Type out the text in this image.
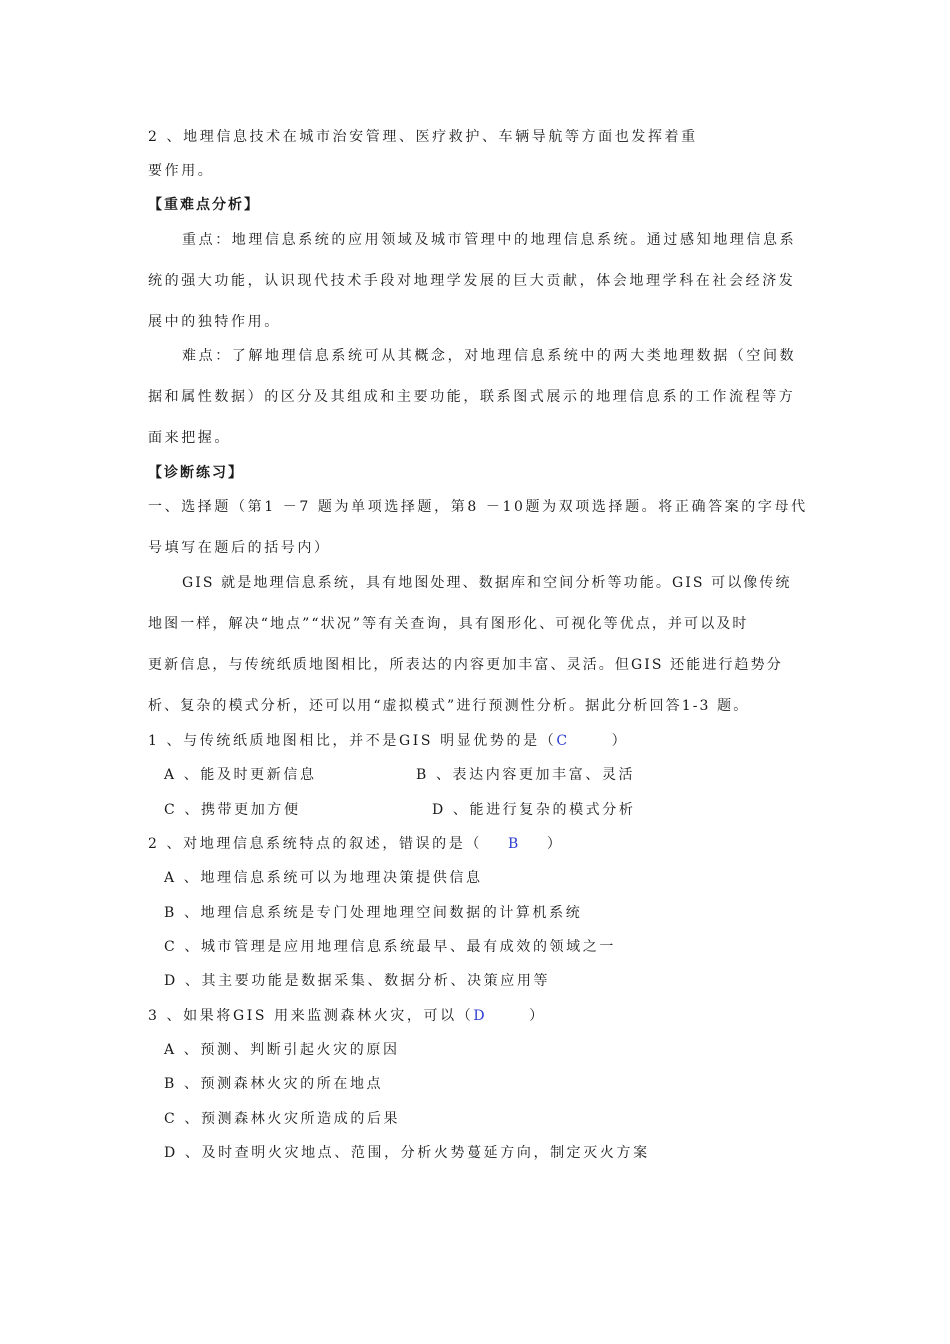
2 、地理信息技术在城市治安管理、医疗救护、车辆导航等方面也发挥着重
要作用。
【重难点分析】
重点：地理信息系统的应用领域及城市管理中的地理信息系统。通过感知地理信息系
统的强大功能，认识现代技术手段对地理学发展的巨大贡献，体会地理学科在社会经济发
展中的独特作用。
难点：了解地理信息系统可从其概念，对地理信息系统中的两大类地理数据（空间数
据和属性数据）的区分及其组成和主要功能，联系图式展示的地理信息系的工作流程等方
面来把握。
【诊断练习】
一、选择题（第1 －7 题为单项选择题，第8 －10题为双项选择题。将正确答案的字母代
号填写在题后的括号内）
GIS 就是地理信息系统，具有地图处理、数据库和空间分析等功能。GIS 可以像传统
地图一样，解决“地点”“状况”等有关查询，具有图形化、可视化等优点，并可以及时
更新信息，与传统纸质地图相比，所表达的内容更加丰富、灵活。但GIS 还能进行趋势分
析、复杂的模式分析，还可以用“虚拟模式”进行预测性分析。据此分析回答1-3 题。
1 、与传统纸质地图相比，并不是GIS 明显优势的是（C	）
A 、能及时更新信息	B 、表达内容更加丰富、灵活
C 、携带更加方便	D 、能进行复杂的模式分析
2 、对地理信息系统特点的叙述，错误的是（ B ）
A 、地理信息系统可以为地理决策提供信息
B 、地理信息系统是专门处理地理空间数据的计算机系统
C 、城市管理是应用地理信息系统最早、最有成效的领域之一
D 、其主要功能是数据采集、数据分析、决策应用等
3 、如果将GIS 用来监测森林火灾，可以（D	）
A 、预测、判断引起火灾的原因
B 、预测森林火灾的所在地点
C 、预测森林火灾所造成的后果
D 、及时查明火灾地点、范围，分析火势蔓延方向，制定灭火方案
